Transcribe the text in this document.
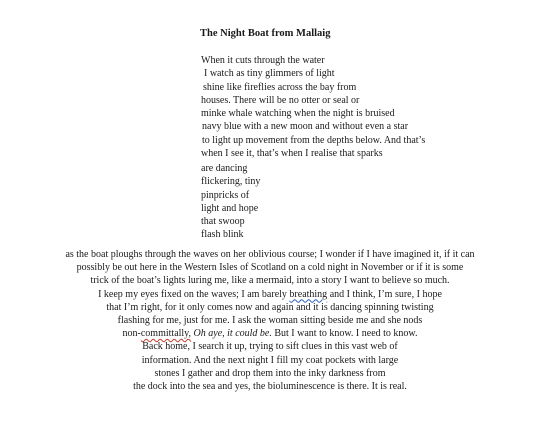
The Night Boat from Mallaig

When it cuts through the water
I watch as tiny glimmers of light
shine like fireflies across the bay from
houses. There will be no otter or seal or
minke whale watching when the night is bruised
navy blue with a new moon and without even a star
to light up movement from the depths below. And that’s
when I see it, that’s when I realise that sparks

are dancing
flickering, tiny
pinpricks of
light and hope
that swoop
flash blink

as the boat ploughs through the waves on her oblivious course; I wonder if I have imagined it, if it can
possibly be out here in the Western Isles of Scotland on a cold night in November or if it is some
trick of the boat’s lights luring me, like a mermaid, into a story I want to believe so much.
I keep my eyes fixed on the waves; I am barely breathing and I think, I’m sure, I hope
that I’m right, for it only comes now and again and it is dancing spinning twisting
flashing for me, just for me. I ask the woman sitting beside me and she nods
non-committally, Oh aye, it could be. But I want to know. I need to know.
Back home, I search it up, trying to sift clues in this vast web of
information. And the next night I fill my coat pockets with large
stones I gather and drop them into the inky darkness from
the dock into the sea and yes, the bioluminescence is there. It is real.
